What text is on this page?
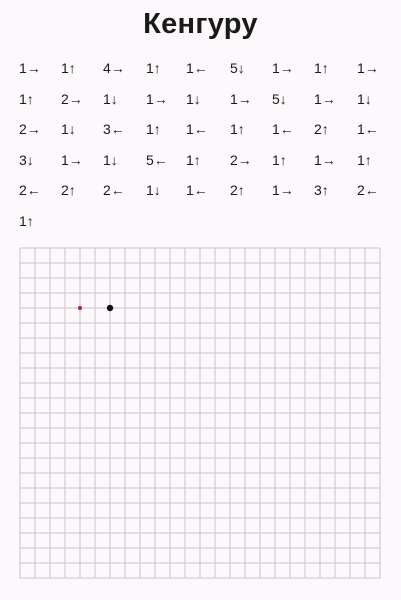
Кенгуру
1→ 1↑ 4→ 1↑ 1← 5↓ 1→ 1↑ 1→
1↑ 2→ 1↓ 1→ 1↓ 1→ 5↓ 1→ 1↓
2→ 1↓ 3← 1↑ 1← 1↑ 1← 2↑ 1←
3↓ 1→ 1↓ 5← 1↑ 2→ 1↑ 1→ 1↑
2← 2↑ 2← 1↓ 1← 2↑ 1→ 3↑ 2←
1↑
